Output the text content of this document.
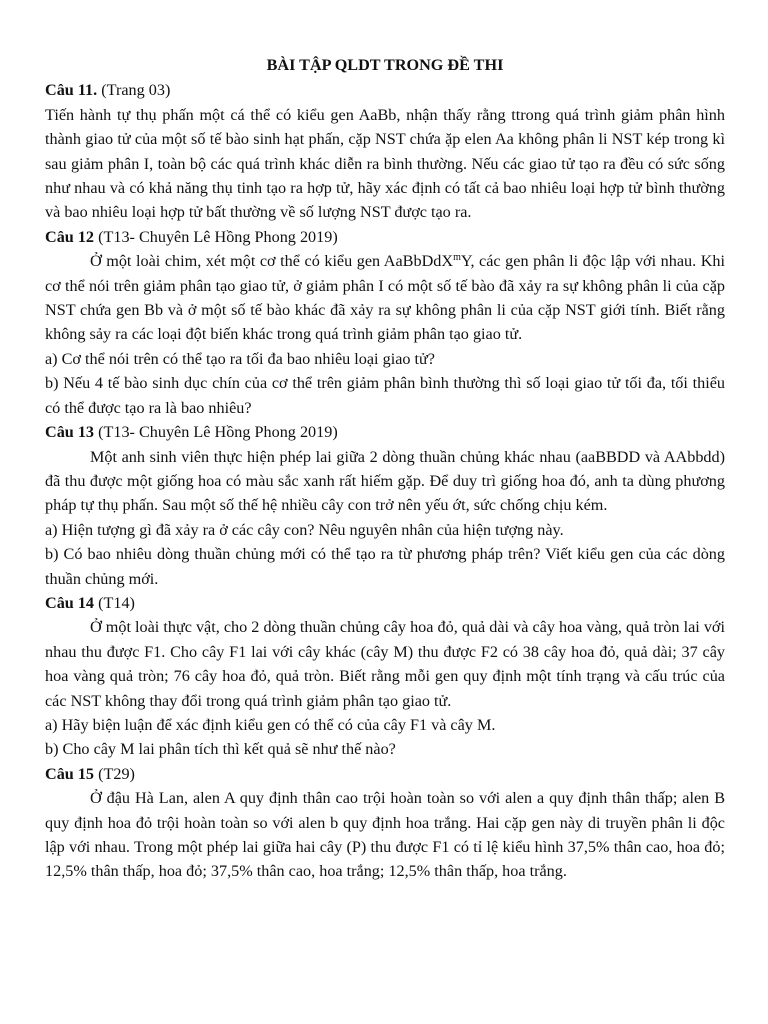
BÀI TẬP QLDT TRONG ĐỀ THI

Câu 11. (Trang 03)

Tiến hành tự thụ phấn một cá thể có kiểu gen AaBb, nhận thấy rằng ttrong quá trình giảm phân hình thành giao tử của một số tế bào sinh hạt phấn, cặp NST chứa ặp elen Aa không phân li NST kép trong kì sau giảm phân I, toàn bộ các quá trình khác diễn ra bình thường. Nếu các giao tử tạo ra đều có sức sống như nhau và có khả năng thụ tinh tạo ra hợp tử, hãy xác định có tất cả bao nhiêu loại hợp tử bình thường và bao nhiêu loại hợp tử bất thường về số lượng NST được tạo ra.

Câu 12 (T13- Chuyên Lê Hồng Phong 2019)

Ở một loài chim, xét một cơ thể có kiểu gen AaBbDdX$^m$Y, các gen phân li độc lập với nhau. Khi cơ thể nói trên giảm phân tạo giao tử, ở giảm phân I có một số tế bào đã xảy ra sự không phân li của cặp NST chứa gen Bb và ở một số tế bào khác đã xảy ra sự không phân li của cặp NST giới tính. Biết rằng không sảy ra các loại đột biến khác trong quá trình giảm phân tạo giao tử.

a) Cơ thể nói trên có thể tạo ra tối đa bao nhiêu loại giao tử?

b) Nếu 4 tế bào sinh dục chín của cơ thể trên giảm phân bình thường thì số loại giao tử tối đa, tối thiểu có thể được tạo ra là bao nhiêu?

Câu 13 (T13- Chuyên Lê Hồng Phong 2019)

Một anh sinh viên thực hiện phép lai giữa 2 dòng thuần chủng khác nhau (aaBBDD và AAbbdd) đã thu được một giống hoa có màu sắc xanh rất hiếm gặp. Để duy trì giống hoa đó, anh ta dùng phương pháp tự thụ phấn. Sau một số thế hệ nhiều cây con trở nên yếu ớt, sức chống chịu kém.

a) Hiện tượng gì đã xảy ra ở các cây con? Nêu nguyên nhân của hiện tượng này.

b) Có bao nhiêu dòng thuần chủng mới có thể tạo ra từ phương pháp trên? Viết kiểu gen của các dòng thuần chủng mới.

Câu 14 (T14)

Ở một loài thực vật, cho 2 dòng thuần chủng cây hoa đỏ, quả dài và cây hoa vàng, quả tròn lai với nhau thu được F1. Cho cây F1 lai với cây khác (cây M) thu được F2 có 38 cây hoa đỏ, quả dài; 37 cây hoa vàng quả tròn; 76 cây hoa đỏ, quả tròn. Biết rằng mỗi gen quy định một tính trạng và cấu trúc của các NST không thay đổi trong quá trình giảm phân tạo giao tử.

a) Hãy biện luận để xác định kiểu gen có thể có của cây F1 và cây M.

b) Cho cây M lai phân tích thì kết quả sẽ như thế nào?

Câu 15 (T29)

Ở đậu Hà Lan, alen A quy định thân cao trội hoàn toàn so với alen a quy định thân thấp; alen B quy định hoa đỏ trội hoàn toàn so với alen b quy định hoa trắng. Hai cặp gen này di truyền phân li độc lập với nhau. Trong một phép lai giữa hai cây (P) thu được F1 có tỉ lệ kiểu hình 37,5% thân cao, hoa đỏ; 12,5% thân thấp, hoa đỏ; 37,5% thân cao, hoa trắng; 12,5% thân thấp, hoa trắng.
